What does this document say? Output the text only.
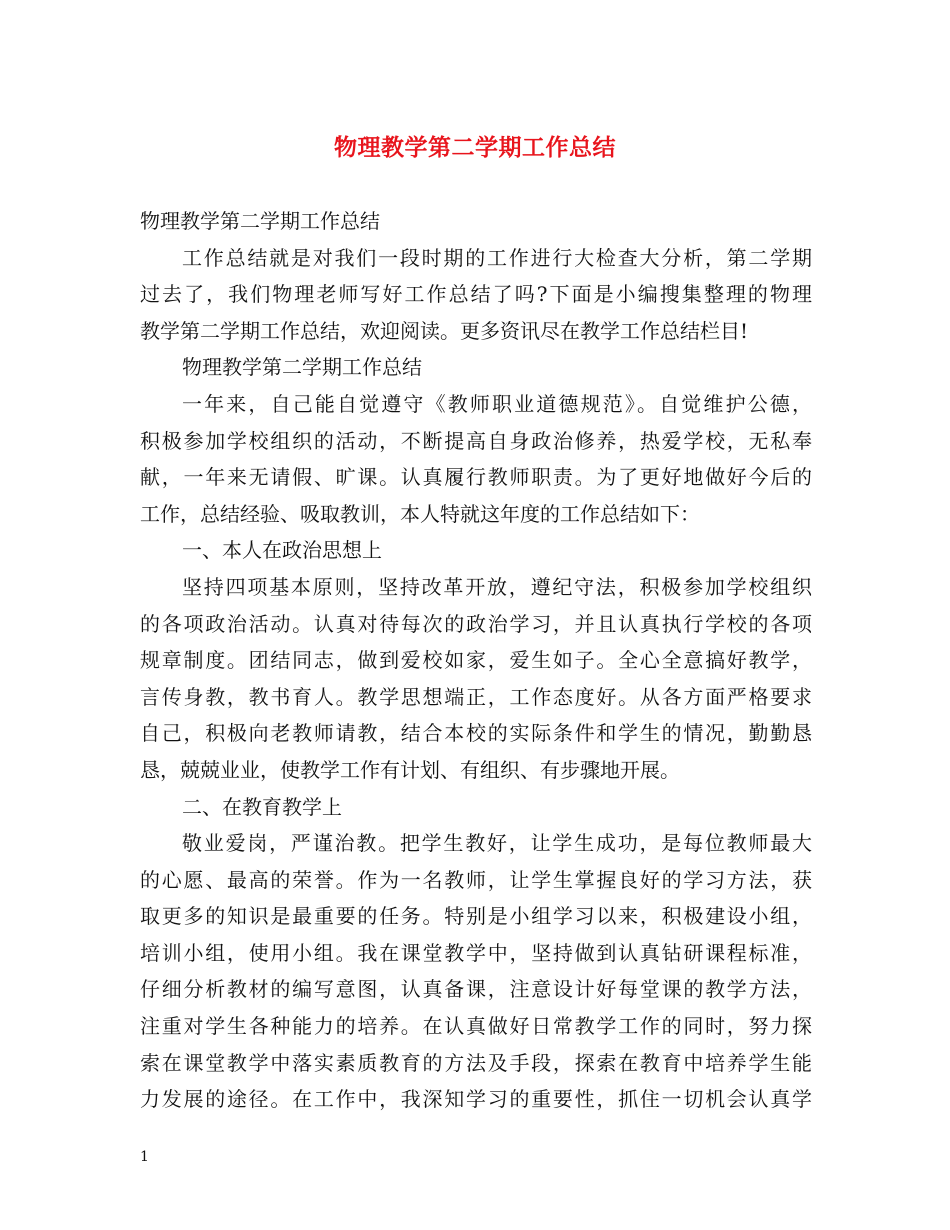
物理教学第二学期工作总结
物理教学第二学期工作总结
工作总结就是对我们一段时期的工作进行大检查大分析，第二学期
过去了，我们物理老师写好工作总结了吗?下面是小编搜集整理的物理
教学第二学期工作总结，欢迎阅读。更多资讯尽在教学工作总结栏目!
物理教学第二学期工作总结
一年来，自己能自觉遵守《教师职业道德规范》。自觉维护公德，
积极参加学校组织的活动，不断提高自身政治修养，热爱学校，无私奉
献，一年来无请假、旷课。认真履行教师职责。为了更好地做好今后的
工作，总结经验、吸取教训，本人特就这年度的工作总结如下：
一、本人在政治思想上
坚持四项基本原则，坚持改革开放，遵纪守法，积极参加学校组织
的各项政治活动。认真对待每次的政治学习，并且认真执行学校的各项
规章制度。团结同志，做到爱校如家，爱生如子。全心全意搞好教学，
言传身教，教书育人。教学思想端正，工作态度好。从各方面严格要求
自己，积极向老教师请教，结合本校的实际条件和学生的情况，勤勤恳
恳，兢兢业业，使教学工作有计划、有组织、有步骤地开展。
二、在教育教学上
敬业爱岗，严谨治教。把学生教好，让学生成功，是每位教师最大
的心愿、最高的荣誉。作为一名教师，让学生掌握良好的学习方法，获
取更多的知识是最重要的任务。特别是小组学习以来，积极建设小组，
培训小组，使用小组。我在课堂教学中，坚持做到认真钻研课程标准，
仔细分析教材的编写意图，认真备课，注意设计好每堂课的教学方法，
注重对学生各种能力的培养。在认真做好日常教学工作的同时，努力探
索在课堂教学中落实素质教育的方法及手段，探索在教育中培养学生能
力发展的途径。在工作中，我深知学习的重要性，抓住一切机会认真学
1
